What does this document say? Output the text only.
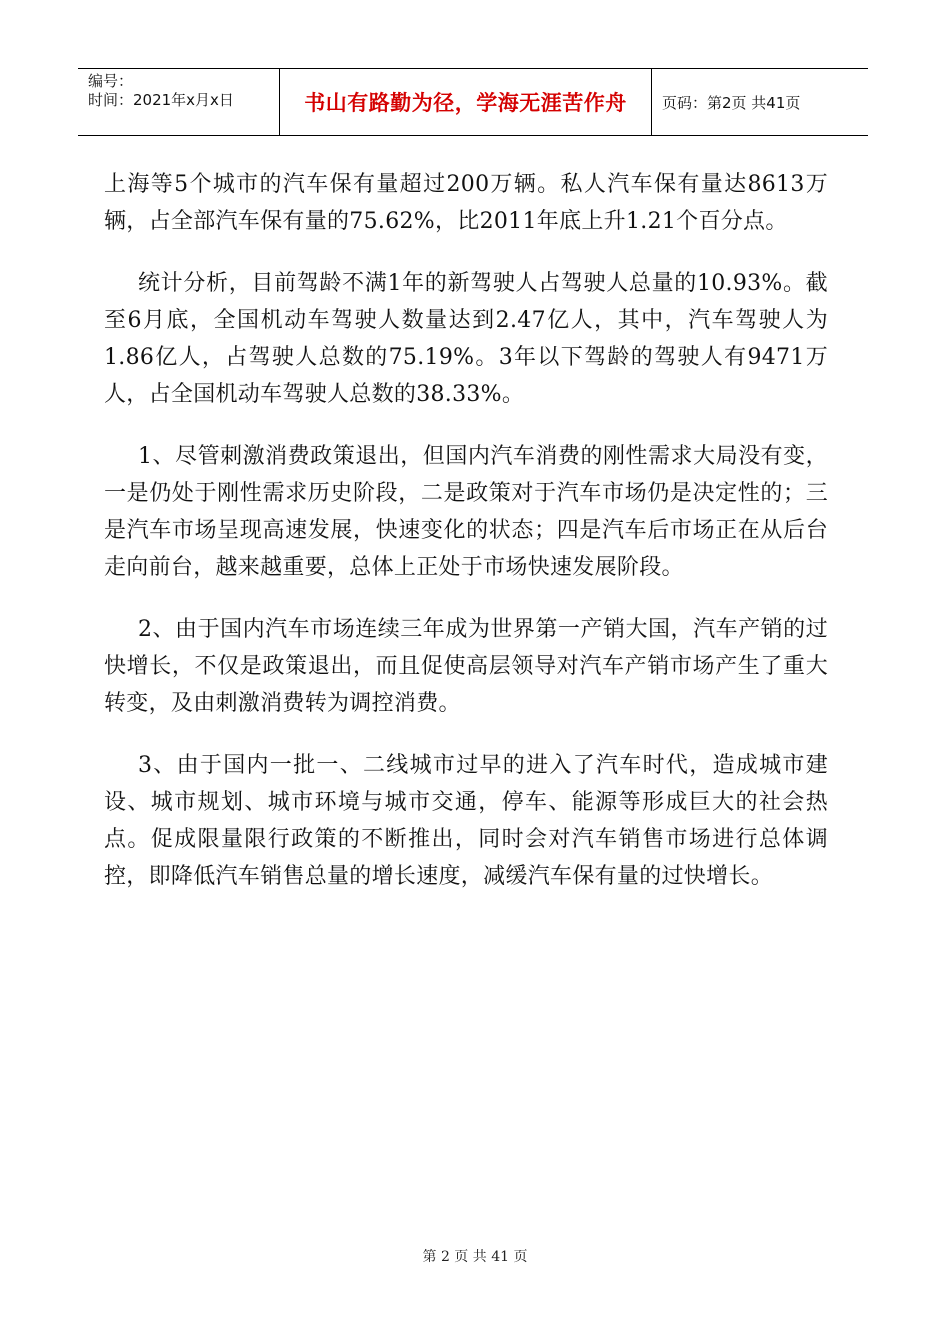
编号：
时间：2021年x月x日	书山有路勤为径，学海无涯苦作舟 页码：第2页 共41页

上海等5个城市的汽车保有量超过200万辆。私人汽车保有量达8613万辆，占全部汽车保有量的75.62%，比2011年底上升1.21个百分点。

统计分析，目前驾龄不满1年的新驾驶人占驾驶人总量的10.93%。截至6月底，全国机动车驾驶人数量达到2.47亿人，其中，汽车驾驶人为1.86亿人，占驾驶人总数的75.19%。3年以下驾龄的驾驶人有9471万人，占全国机动车驾驶人总数的38.33%。

1、尽管刺激消费政策退出，但国内汽车消费的刚性需求大局没有变，一是仍处于刚性需求历史阶段，二是政策对于汽车市场仍是决定性的；三是汽车市场呈现高速发展，快速变化的状态；四是汽车后市场正在从后台走向前台，越来越重要，总体上正处于市场快速发展阶段。

2、由于国内汽车市场连续三年成为世界第一产销大国，汽车产销的过快增长，不仅是政策退出，而且促使高层领导对汽车产销市场产生了重大转变，及由刺激消费转为调控消费。

3、由于国内一批一、二线城市过早的进入了汽车时代，造成城市建设、城市规划、城市环境与城市交通，停车、能源等形成巨大的社会热点。促成限量限行政策的不断推出，同时会对汽车销售市场进行总体调控，即降低汽车销售总量的增长速度，减缓汽车保有量的过快增长。

第 2 页 共 41 页
